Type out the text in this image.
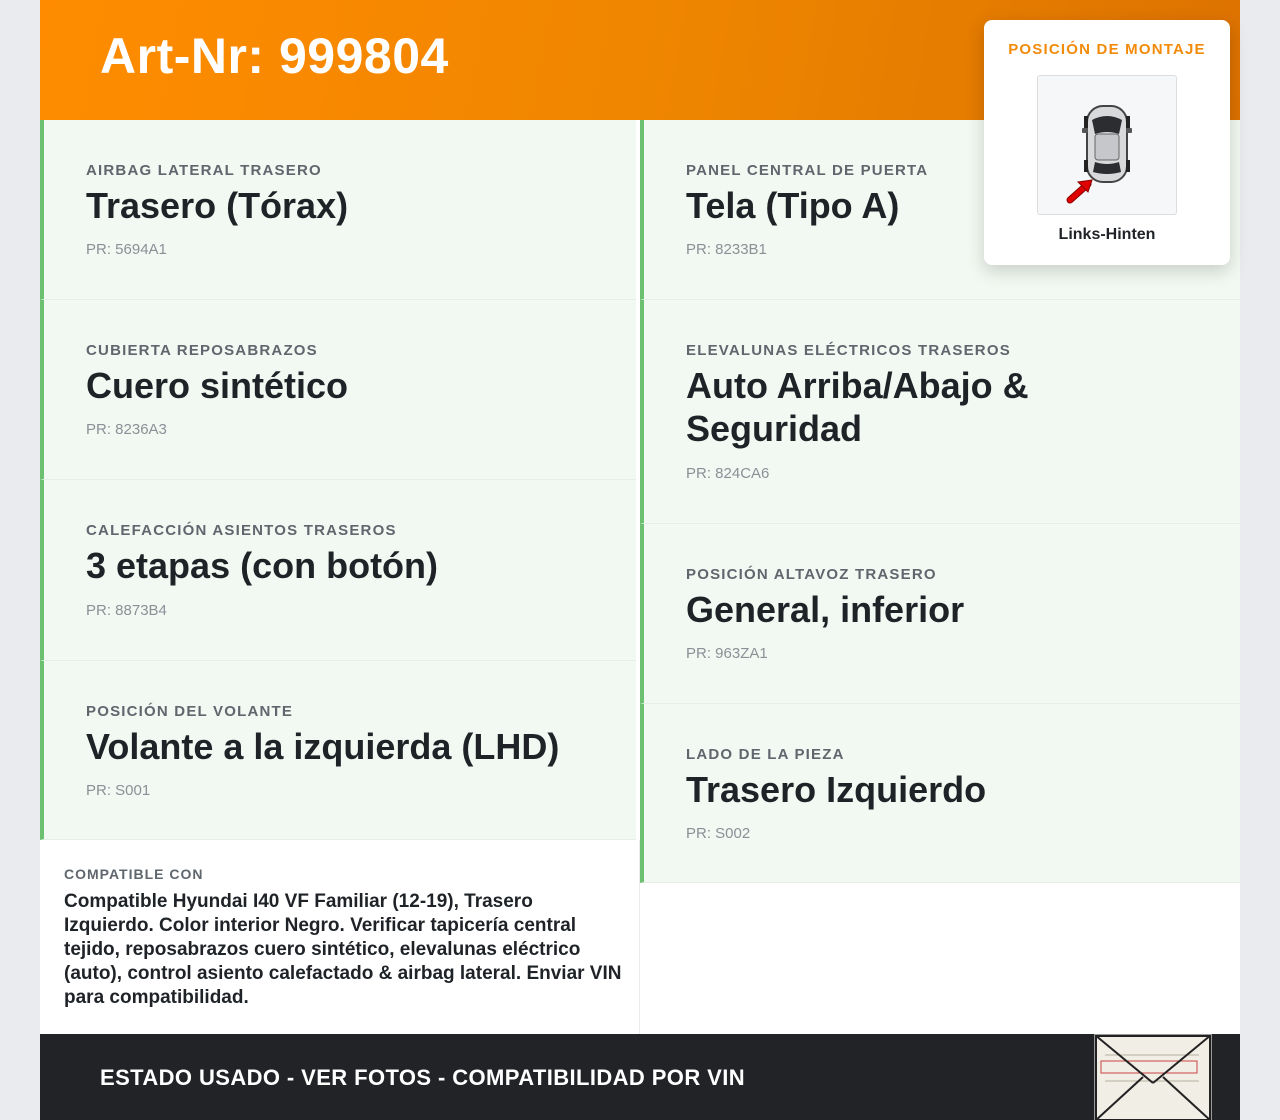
Art-Nr: 999804
AIRBAG LATERAL TRASERO
Trasero (Tórax)
PR: 5694A1
CUBIERTA REPOSABRAZOS
Cuero sintético
PR: 8236A3
CALEFACCIÓN ASIENTOS TRASEROS
3 etapas (con botón)
PR: 8873B4
POSICIÓN DEL VOLANTE
Volante a la izquierda (LHD)
PR: S001
PANEL CENTRAL DE PUERTA
Tela (Tipo A)
PR: 8233B1
ELEVALUNAS ELÉCTRICOS TRASEROS
Auto Arriba/Abajo & Seguridad
PR: 824CA6
POSICIÓN ALTAVOZ TRASERO
General, inferior
PR: 963ZA1
LADO DE LA PIEZA
Trasero Izquierdo
PR: S002
COMPATIBLE CON
Compatible Hyundai I40 VF Familiar (12-19), Trasero Izquierdo. Color interior Negro. Verificar tapicería central tejido, reposabrazos cuero sintético, elevalunas eléctrico (auto), control asiento calefactado & airbag lateral. Enviar VIN para compatibilidad.
ESTADO USADO - VER FOTOS - COMPATIBILIDAD POR VIN
POSICIÓN DE MONTAJE
Links-Hinten
